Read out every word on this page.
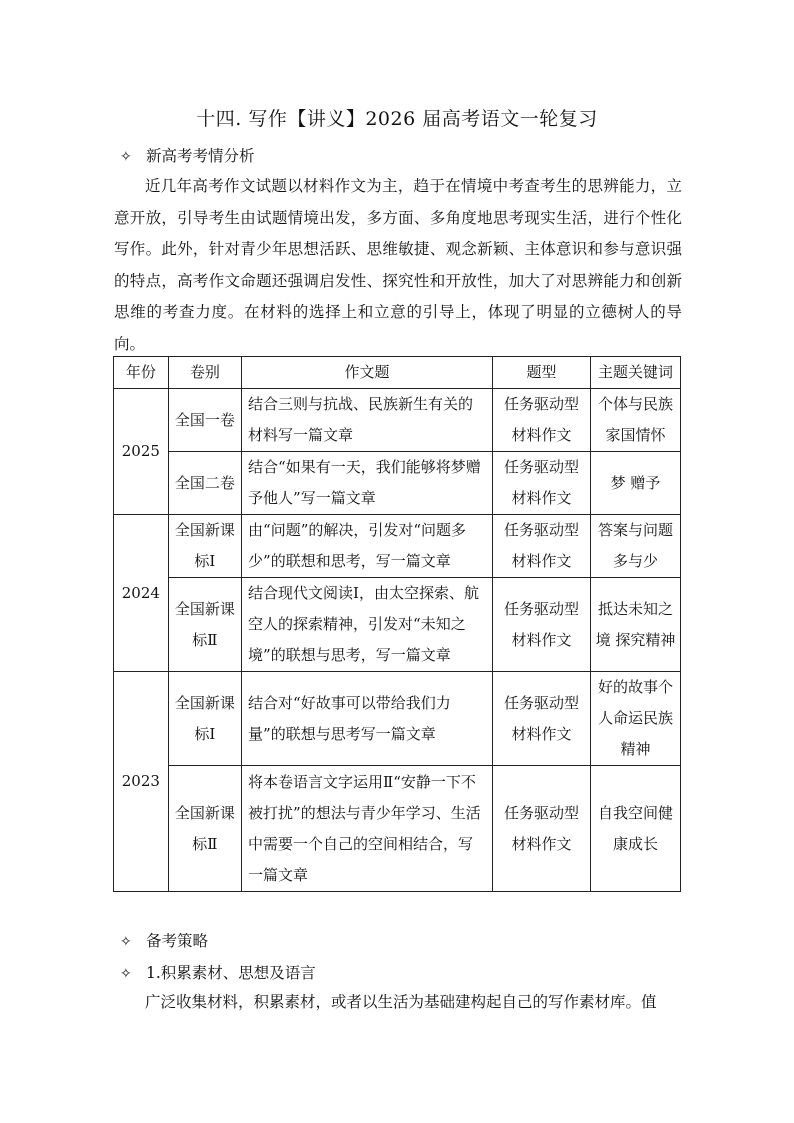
十四. 写作【讲义】2026 届高考语文一轮复习
✧ 新高考考情分析
近几年高考作文试题以材料作文为主，趋于在情境中考查考生的思辨能力，立意开放，引导考生由试题情境出发，多方面、多角度地思考现实生活，进行个性化写作。此外，针对青少年思想活跃、思维敏捷、观念新颖、主体意识和参与意识强的特点，高考作文命题还强调启发性、探究性和开放性，加大了对思辨能力和创新思维的考查力度。在材料的选择上和立意的引导上，体现了明显的立德树人的导向。
年份	卷别	作文题	题型	主题关键词
2025	全国一卷	结合三则与抗战、民族新生有关的材料写一篇文章	任务驱动型材料作文	个体与民族家国情怀
	全国二卷	结合“如果有一天，我们能够将梦赠予他人”写一篇文章	任务驱动型材料作文	梦 赠予
2024	全国新课标I	由“问题”的解决，引发对“问题多少”的联想和思考，写一篇文章	任务驱动型材料作文	答案与问题多与少
	全国新课标Ⅱ	结合现代文阅读I，由太空探索、航空人的探索精神，引发对“未知之境”的联想与思考，写一篇文章	任务驱动型材料作文	抵达未知之境 探究精神
2023	全国新课标I	结合对“好故事可以带给我们力量”的联想与思考写一篇文章	任务驱动型材料作文	好的故事个人命运民族精神
	全国新课标Ⅱ	将本卷语言文字运用Ⅱ“安静一下不被打扰”的想法与青少年学习、生活中需要一个自己的空间相结合，写一篇文章	任务驱动型材料作文	自我空间健康成长
✧ 备考策略
✧ 1.积累素材、思想及语言
广泛收集材料，积累素材，或者以生活为基础建构起自己的写作素材库。值
